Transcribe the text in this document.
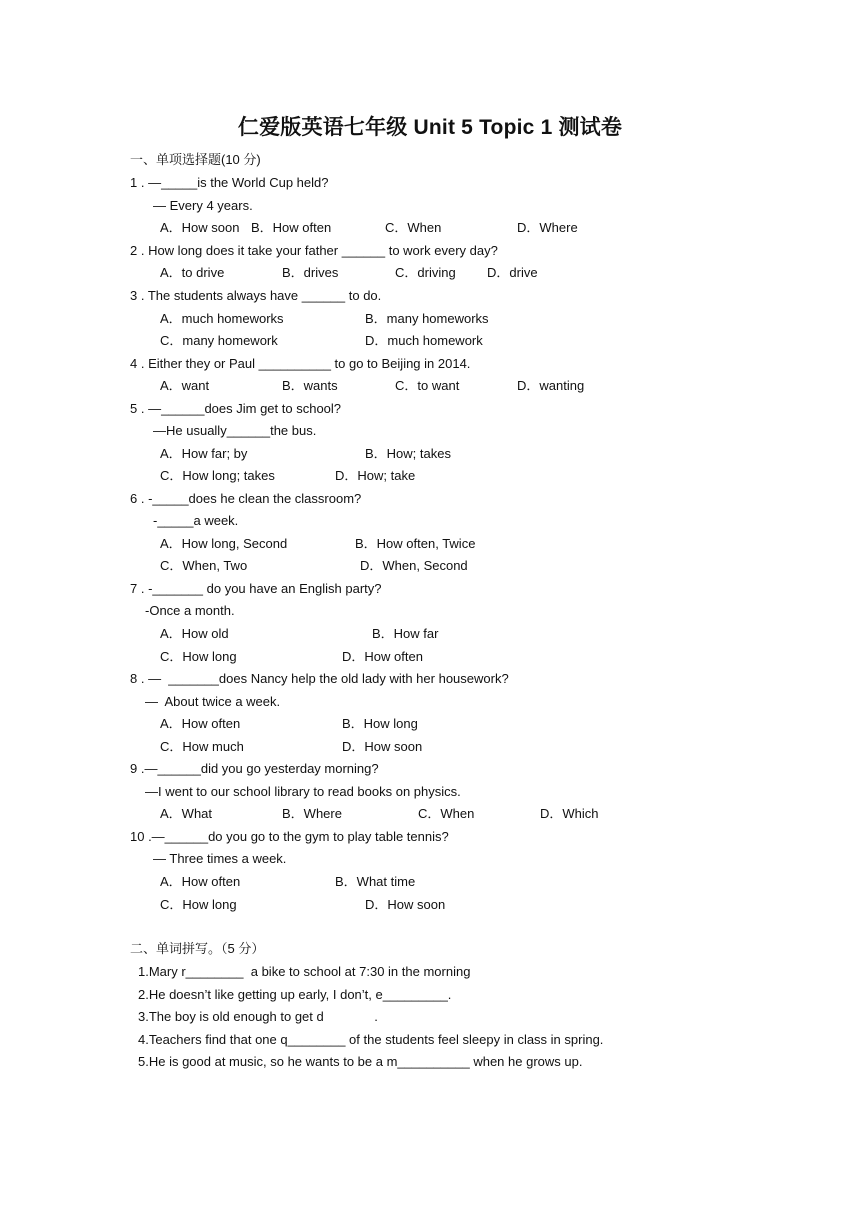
仁爱版英语七年级 Unit 5 Topic 1 测试卷
一、单项选择题(10 分)
1 . —_____is the World Cup held?
— Every 4 years.
A．How soon B．How often	C．When	D．Where
2 . How long does it take your father ______ to work every day?
A．to drive	B．drives	C．driving D．drive
3 . The students always have ______ to do.
A．much homeworks	B．many homeworks
C．many homework	D．much homework
4 . Either they or Paul __________ to go to Beijing in 2014.
A．want	B．wants	C．to want	D．wanting
5 . —______does Jim get to school?
—He usually______the bus.
A．How far; by	B．How; takes
C．How long; takes	D．How; take
6 . -_____does he clean the classroom?
-_____a week.
A．How long, Second	B．How often, Twice
C．When, Two	D．When, Second
7 . -_______ do you have an English party?
-Once a month.
A．How old	B．How far
C．How long	D．How often
8 . —  _______does Nancy help the old lady with her housework?
—  About twice a week.
A．How often	B．How long
C．How much	D．How soon
9 .—______did you go yesterday morning?
—I went to our school library to read books on physics.
A．What	B．Where	C．When	D．Which
10 .—______do you go to the gym to play table tennis?
— Three times a week.
A．How often	B．What time
C．How long	D．How soon
二、单词拼写。（5 分）
1.Mary r________  a bike to school at 7:30 in the morning
2.He doesn’t like getting up early, I don’t, e_________.
3.The boy is old enough to get d              .
4.Teachers find that one q________ of the students feel sleepy in class in spring.
5.He is good at music, so he wants to be a m__________ when he grows up.
